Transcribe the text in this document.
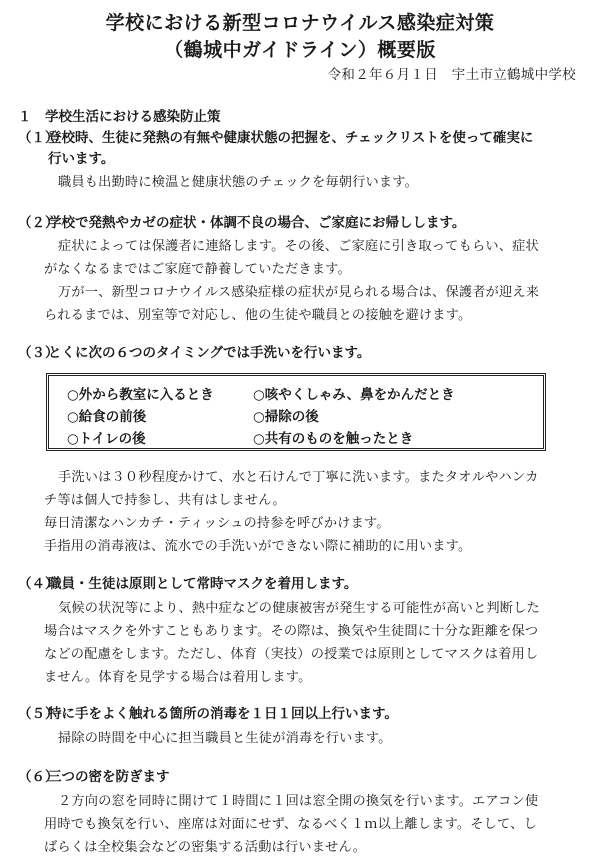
学校における新型コロナウイルス感染症対策
（鶴城中ガイドライン）概要版
令和２年６月１日　宇土市立鶴城中学校
１　学校生活における感染防止策
（１）登校時、生徒に発熱の有無や健康状態の把握を、チェックリストを使って確実に
行います。
職員も出勤時に検温と健康状態のチェックを毎朝行います。
（２）学校で発熱やカゼの症状・体調不良の場合、ご家庭にお帰しします。
症状によっては保護者に連絡します。その後、ご家庭に引き取ってもらい、症状
がなくなるまではご家庭で静養していただきます。
万が一、新型コロナウイルス感染症様の症状が見られる場合は、保護者が迎え来
られるまでは、別室等で対応し、他の生徒や職員との接触を避けます。
（３）とくに次の６つのタイミングでは手洗いを行います。
○外から教室に入るとき	○咳やくしゃみ、鼻をかんだとき
○給食の前後	○掃除の後
○トイレの後	○共有のものを触ったとき
手洗いは３０秒程度かけて、水と石けんで丁寧に洗います。またタオルやハンカ
チ等は個人で持参し、共有はしません。
毎日清潔なハンカチ・ティッシュの持参を呼びかけます。
手指用の消毒液は、流水での手洗いができない際に補助的に用います。
（４）職員・生徒は原則として常時マスクを着用します。
気候の状況等により、熱中症などの健康被害が発生する可能性が高いと判断した
場合はマスクを外すこともあります。その際は、換気や生徒間に十分な距離を保つ
などの配慮をします。ただし、体育（実技）の授業では原則としてマスクは着用し
ません。体育を見学する場合は着用します。
（５）特に手をよく触れる箇所の消毒を１日１回以上行います。
掃除の時間を中心に担当職員と生徒が消毒を行います。
（６）三つの密を防ぎます
２方向の窓を同時に開けて１時間に１回は窓全開の換気を行います。エアコン使
用時でも換気を行い、座席は対面にせず、なるべく１ｍ以上離します。そして、し
ばらくは全校集会などの密集する活動は行いません。
